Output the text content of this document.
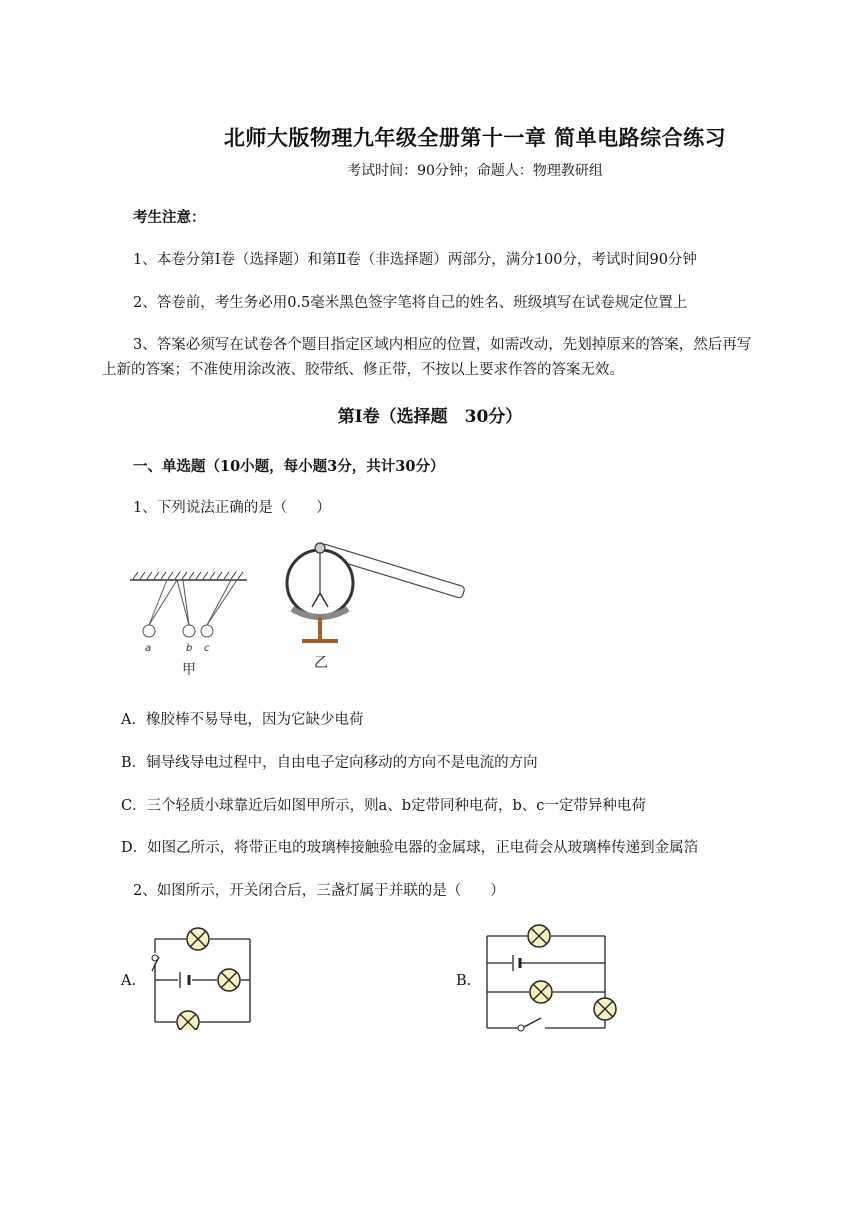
北师大版物理九年级全册第十一章 简单电路综合练习
考试时间：90分钟；命题人：物理教研组
考生注意：
1、本卷分第Ⅰ卷（选择题）和第Ⅱ卷（非选择题）两部分，满分100分，考试时间90分钟
2、答卷前，考生务必用0.5毫米黑色签字笔将自己的姓名、班级填写在试卷规定位置上
3、答案必须写在试卷各个题目指定区域内相应的位置，如需改动，先划掉原来的答案，然后再写
上新的答案；不准使用涂改液、胶带纸、修正带，不按以上要求作答的答案无效。
第Ⅰ卷（选择题　30分）
一、单选题（10小题，每小题3分，共计30分）
1、下列说法正确的是（　　）
a	b c
甲	乙
A．橡胶棒不易导电，因为它缺少电荷
B．铜导线导电过程中，自由电子定向移动的方向不是电流的方向
C．三个轻质小球靠近后如图甲所示，则a、b定带同种电荷，b、c一定带异种电荷
D．如图乙所示，将带正电的玻璃棒接触验电器的金属球，正电荷会从玻璃棒传递到金属箔
2、如图所示，开关闭合后，三盏灯属于并联的是（　　）
A.	B.
